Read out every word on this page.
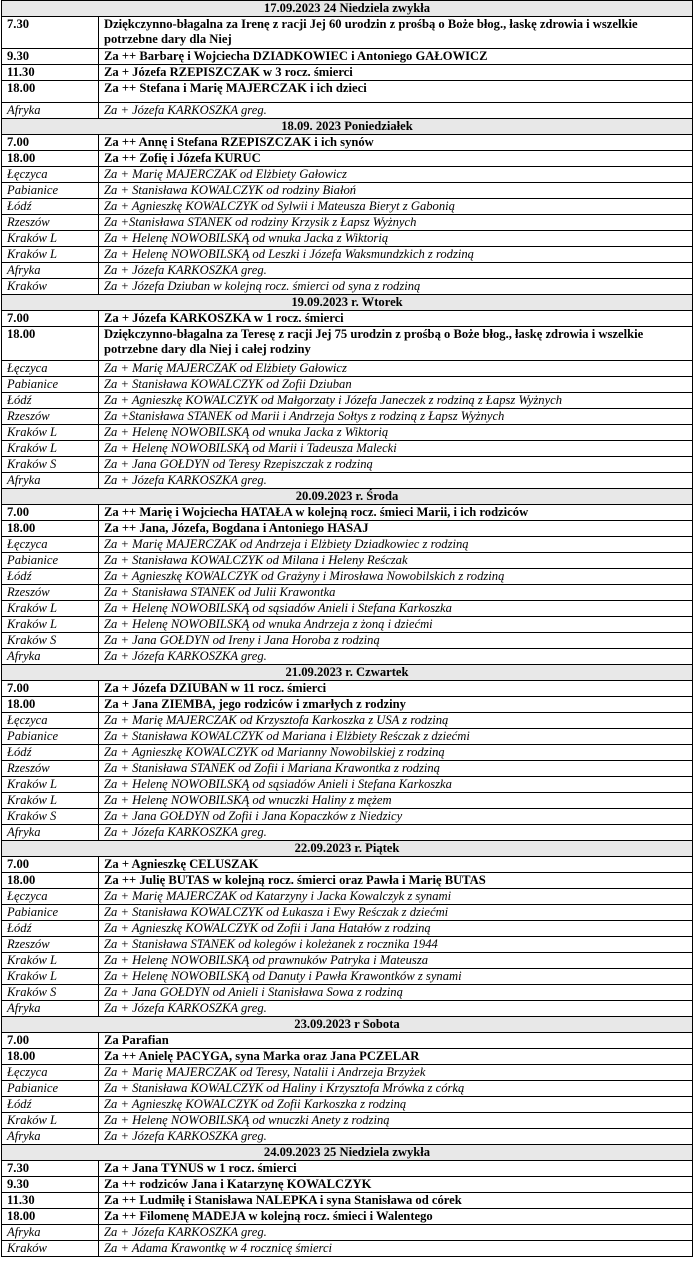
17.09.2023 24 Niedziela zwykła	
7.30	Dziękczynno-błagalna za Irenę z racji Jej 60 urodzin z prośbą o Boże błog., łaskę zdrowia i wszelkie potrzebne dary dla Niej
9.30	Za ++ Barbarę i Wojciecha DZIADKOWIEC i Antoniego GAŁOWICZ
11.30	Za + Józefa RZEPISZCZAK w 3 rocz. śmierci
18.00	Za ++ Stefana i Marię MAJERCZAK i ich dzieci
Afryka	Za + Józefa KARKOSZKA greg.
18.09. 2023 Poniedziałek	
7.00	Za ++ Annę i Stefana RZEPISZCZAK i ich synów
18.00	Za ++ Zofię i Józefa KURUC
Łęczyca	Za + Marię MAJERCZAK od Elżbiety Gałowicz
Pabianice	Za + Stanisława KOWALCZYK od rodziny Białoń
Łódź	Za + Agnieszkę KOWALCZYK od Sylwii i Mateusza Bieryt z Gabonią
Rzeszów	Za +Stanisława STANEK od rodziny Krzysik z Łapsz Wyżnych
Kraków L	Za + Helenę NOWOBILSKĄ od wnuka Jacka z Wiktorią
Kraków L	Za + Helenę NOWOBILSKĄ od Leszki i Józefa Waksmundzkich z rodziną
Afryka	Za + Józefa KARKOSZKA greg.
Kraków	Za + Józefa Dziuban w kolejną rocz. śmierci od syna z rodziną
19.09.2023 r. Wtorek	
7.00	Za + Józefa KARKOSZKA w 1 rocz. śmierci
18.00	Dziękczynno-błagalna za Teresę z racji Jej 75 urodzin z prośbą o Boże błog., łaskę zdrowia i wszelkie potrzebne dary dla Niej i całej rodziny
Łęczyca	Za + Marię MAJERCZAK od Elżbiety Gałowicz
Pabianice	Za + Stanisława KOWALCZYK od Zofii Dziuban
Łódź	Za + Agnieszkę KOWALCZYK od Małgorzaty i Józefa Janeczek z rodziną z Łapsz Wyżnych
Rzeszów	Za +Stanisława STANEK od Marii i Andrzeja Sołtys z rodziną z Łapsz Wyżnych
Kraków L	Za + Helenę NOWOBILSKĄ od wnuka Jacka z Wiktorią
Kraków L	Za + Helenę NOWOBILSKĄ od Marii i Tadeusza Malecki
Kraków S	Za + Jana GOŁDYN od Teresy Rzepiszczak z rodziną
Afryka	Za + Józefa KARKOSZKA greg.
20.09.2023 r. Środa	
7.00	Za ++ Marię i Wojciecha HATAŁA w kolejną rocz. śmieci Marii, i ich rodziców
18.00	Za ++ Jana, Józefa, Bogdana i Antoniego HASAJ
Łęczyca	Za + Marię MAJERCZAK od Andrzeja i Elżbiety Dziadkowiec z rodziną
Pabianice	Za + Stanisława KOWALCZYK od Milana i Heleny Reśczak
Łódź	Za + Agnieszkę KOWALCZYK od Grażyny i Mirosława Nowobilskich z rodziną
Rzeszów	Za + Stanisława STANEK od Julii Krawontka
Kraków L	Za + Helenę NOWOBILSKĄ od sąsiadów Anieli i Stefana Karkoszka
Kraków L	Za + Helenę NOWOBILSKĄ od wnuka Andrzeja z żoną i dziećmi
Kraków S	Za + Jana GOŁDYN od Ireny i Jana Horoba z rodziną
Afryka	Za + Józefa KARKOSZKA greg.
21.09.2023 r. Czwartek	
7.00	Za + Józefa DZIUBAN w 11 rocz. śmierci
18.00	Za + Jana ZIEMBA, jego rodziców i zmarłych z rodziny
Łęczyca	Za + Marię MAJERCZAK od Krzysztofa Karkoszka z USA z rodziną
Pabianice	Za + Stanisława KOWALCZYK od Mariana i Elżbiety Reśczak z dziećmi
Łódź	Za + Agnieszkę KOWALCZYK od Marianny Nowobilskiej z rodziną
Rzeszów	Za + Stanisława STANEK od Zofii i Mariana Krawontka z rodziną
Kraków L	Za + Helenę NOWOBILSKĄ od sąsiadów Anieli i Stefana Karkoszka
Kraków L	Za + Helenę NOWOBILSKĄ od wnuczki Haliny z mężem
Kraków S	Za + Jana GOŁDYN od Zofii i Jana Kopaczków z Niedzicy
Afryka	Za + Józefa KARKOSZKA greg.
22.09.2023 r. Piątek	
7.00	Za + Agnieszkę CELUSZAK
18.00	Za ++ Julię BUTAS w kolejną rocz. śmierci oraz Pawła i Marię BUTAS
Łęczyca	Za + Marię MAJERCZAK od Katarzyny i Jacka Kowalczyk z synami
Pabianice	Za + Stanisława KOWALCZYK od Łukasza i Ewy Reśczak z dziećmi
Łódź	Za + Agnieszkę KOWALCZYK od Zofii i Jana Hatałów z rodziną
Rzeszów	Za + Stanisława STANEK od kolegów i koleżanek z rocznika 1944
Kraków L	Za + Helenę NOWOBILSKĄ od prawnuków Patryka i Mateusza
Kraków L	Za + Helenę NOWOBILSKĄ od Danuty i Pawła Krawontków z synami
Kraków S	Za + Jana GOŁDYN od Anieli i Stanisława Sowa z rodziną
Afryka	Za + Józefa KARKOSZKA greg.
23.09.2023 r Sobota	
7.00	Za Parafian
18.00	Za ++ Anielę PACYGA, syna Marka oraz Jana PCZELAR
Łęczyca	Za + Marię MAJERCZAK od Teresy, Natalii i Andrzeja Brzyżek
Pabianice	Za + Stanisława KOWALCZYK od Haliny i Krzysztofa Mrówka z córką
Łódź	Za + Agnieszkę KOWALCZYK od Zofii Karkoszka z rodziną
Kraków L	Za + Helenę NOWOBILSKĄ od wnuczki Anety z rodziną
Afryka	Za + Józefa KARKOSZKA greg.
24.09.2023 25 Niedziela zwykła	
7.30	Za + Jana TYNUS w 1 rocz. śmierci
9.30	Za ++ rodziców Jana i Katarzynę KOWALCZYK
11.30	Za ++ Ludmiłę i Stanisława NALEPKA i syna Stanisława od córek
18.00	Za ++ Filomenę MADEJA w kolejną rocz. śmieci i Walentego
Afryka	Za + Józefa KARKOSZKA greg.
Kraków	Za + Adama Krawontkę w 4 rocznicę śmierci
